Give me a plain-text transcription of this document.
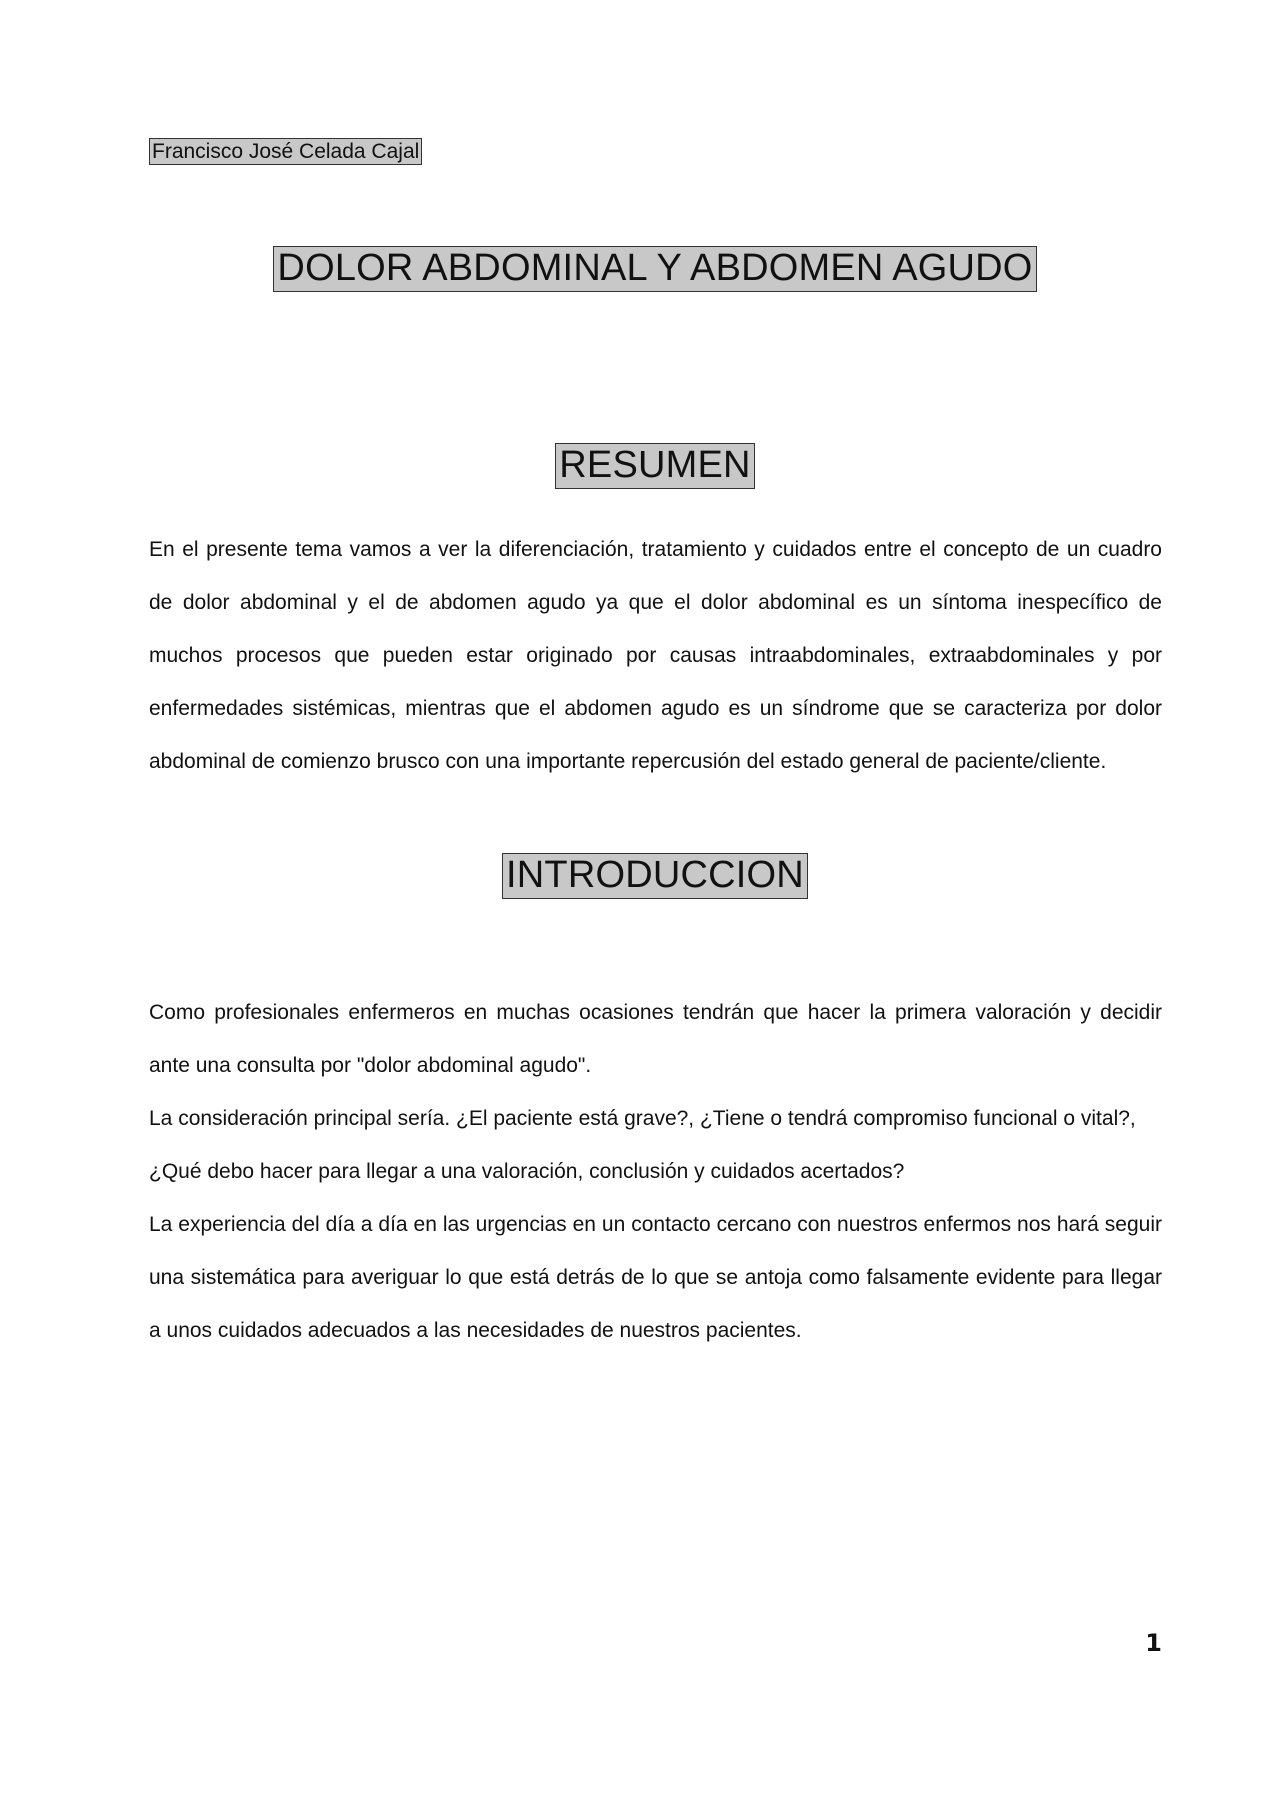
Francisco José Celada Cajal
DOLOR ABDOMINAL Y ABDOMEN AGUDO
RESUMEN

En el presente tema vamos a ver la diferenciación, tratamiento y cuidados entre el concepto de un cuadro de dolor abdominal y el de abdomen agudo ya que el dolor abdominal es un síntoma inespecífico de muchos procesos que pueden estar originado por causas intraabdominales, extraabdominales y por enfermedades sistémicas, mientras que el abdomen agudo es un síndrome que se caracteriza por dolor abdominal de comienzo brusco con una importante repercusión del estado general de paciente/cliente.

INTRODUCCION

Como profesionales enfermeros en muchas ocasiones tendrán que hacer la primera valoración y decidir ante una consulta por "dolor abdominal agudo".

La consideración principal sería. ¿El paciente está grave?, ¿Tiene o tendrá compromiso funcional o vital?, ¿Qué debo hacer para llegar a una valoración, conclusión y cuidados acertados?

La experiencia del día a día en las urgencias en un contacto cercano con nuestros enfermos nos hará seguir una sistemática para averiguar lo que está detrás de lo que se antoja como falsamente evidente para llegar a unos cuidados adecuados a las necesidades de nuestros pacientes.

1
